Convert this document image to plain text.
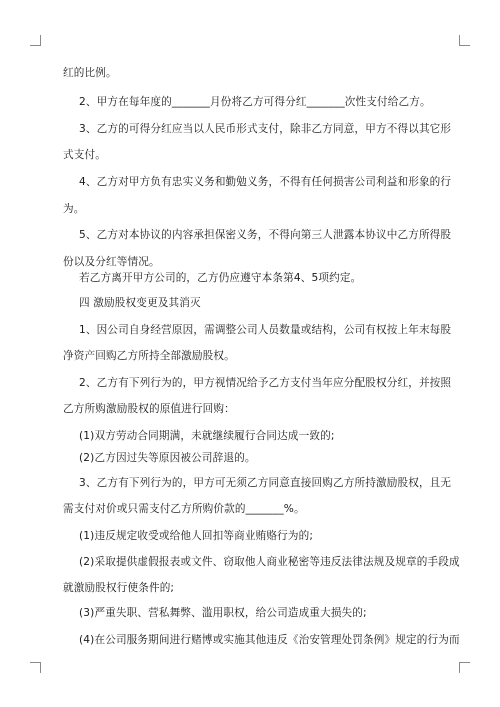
红的比例。
2、甲方在每年度的_______月份将乙方可得分红_______次性支付给乙方。
3、乙方的可得分红应当以人民币形式支付，除非乙方同意，甲方不得以其它形
式支付。
4、乙方对甲方负有忠实义务和勤勉义务，不得有任何损害公司利益和形象的行
为。
5、乙方对本协议的内容承担保密义务，不得向第三人泄露本协议中乙方所得股
份以及分红等情况。
若乙方离开甲方公司的，乙方仍应遵守本条第4、5项约定。
四 激励股权变更及其消灭
1、因公司自身经营原因，需调整公司人员数量或结构，公司有权按上年末每股
净资产回购乙方所持全部激励股权。
2、乙方有下列行为的，甲方视情况给予乙方支付当年应分配股权分红，并按照
乙方所购激励股权的原值进行回购：
(1)双方劳动合同期满，未就继续履行合同达成一致的;
(2)乙方因过失等原因被公司辞退的。
3、乙方有下列行为的，甲方可无须乙方同意直接回购乙方所持激励股权，且无
需支付对价或只需支付乙方所购价款的_______%。
(1)违反规定收受或给他人回扣等商业贿赂行为的;
(2)采取提供虚假报表或文件、窃取他人商业秘密等违反法律法规及规章的手段成
就激励股权行使条件的;
(3)严重失职、营私舞弊、滥用职权，给公司造成重大损失的;
(4)在公司服务期间进行赌博或实施其他违反《治安管理处罚条例》规定的行为而
